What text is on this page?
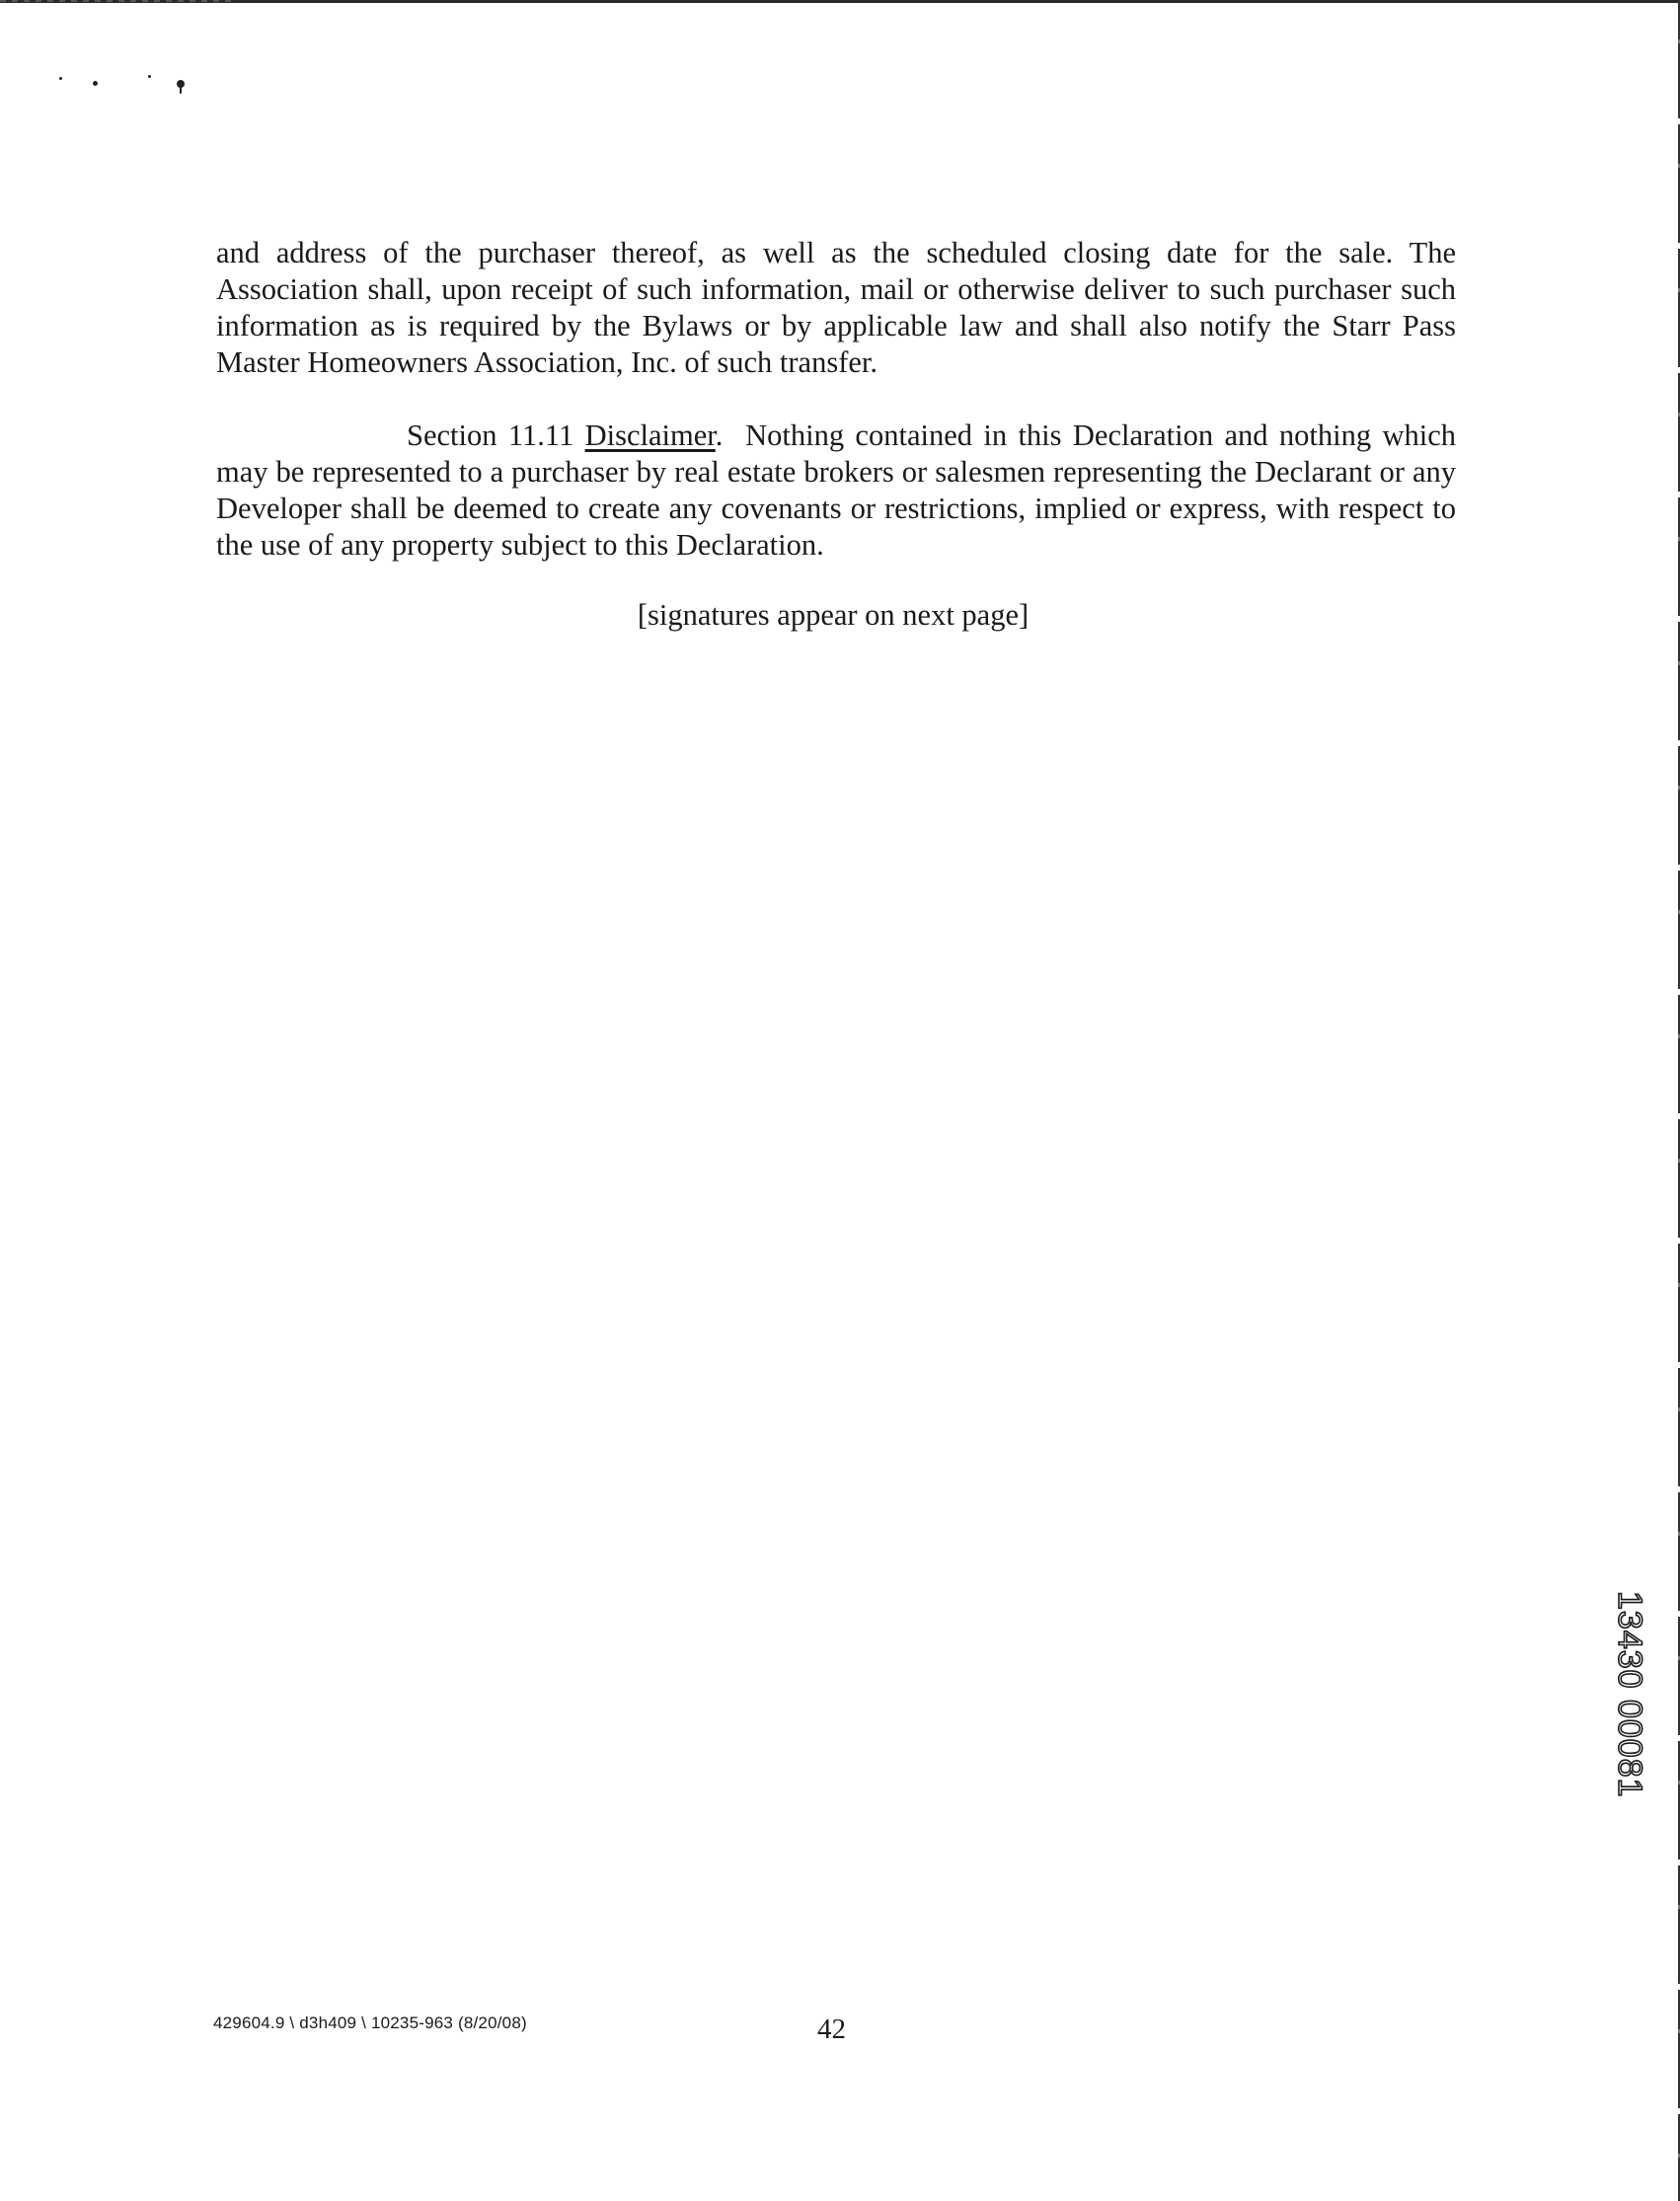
and address of the purchaser thereof, as well as the scheduled closing date for the sale. The Association shall, upon receipt of such information, mail or otherwise deliver to such purchaser such information as is required by the Bylaws or by applicable law and shall also notify the Starr Pass Master Homeowners Association, Inc. of such transfer.

Section 11.11 Disclaimer. Nothing contained in this Declaration and nothing which may be represented to a purchaser by real estate brokers or salesmen representing the Declarant or any Developer shall be deemed to create any covenants or restrictions, implied or express, with respect to the use of any property subject to this Declaration.

[signatures appear on next page]
13430 00081
429604.9 \ d3h409 \ 10235-963 (8/20/08)	42
